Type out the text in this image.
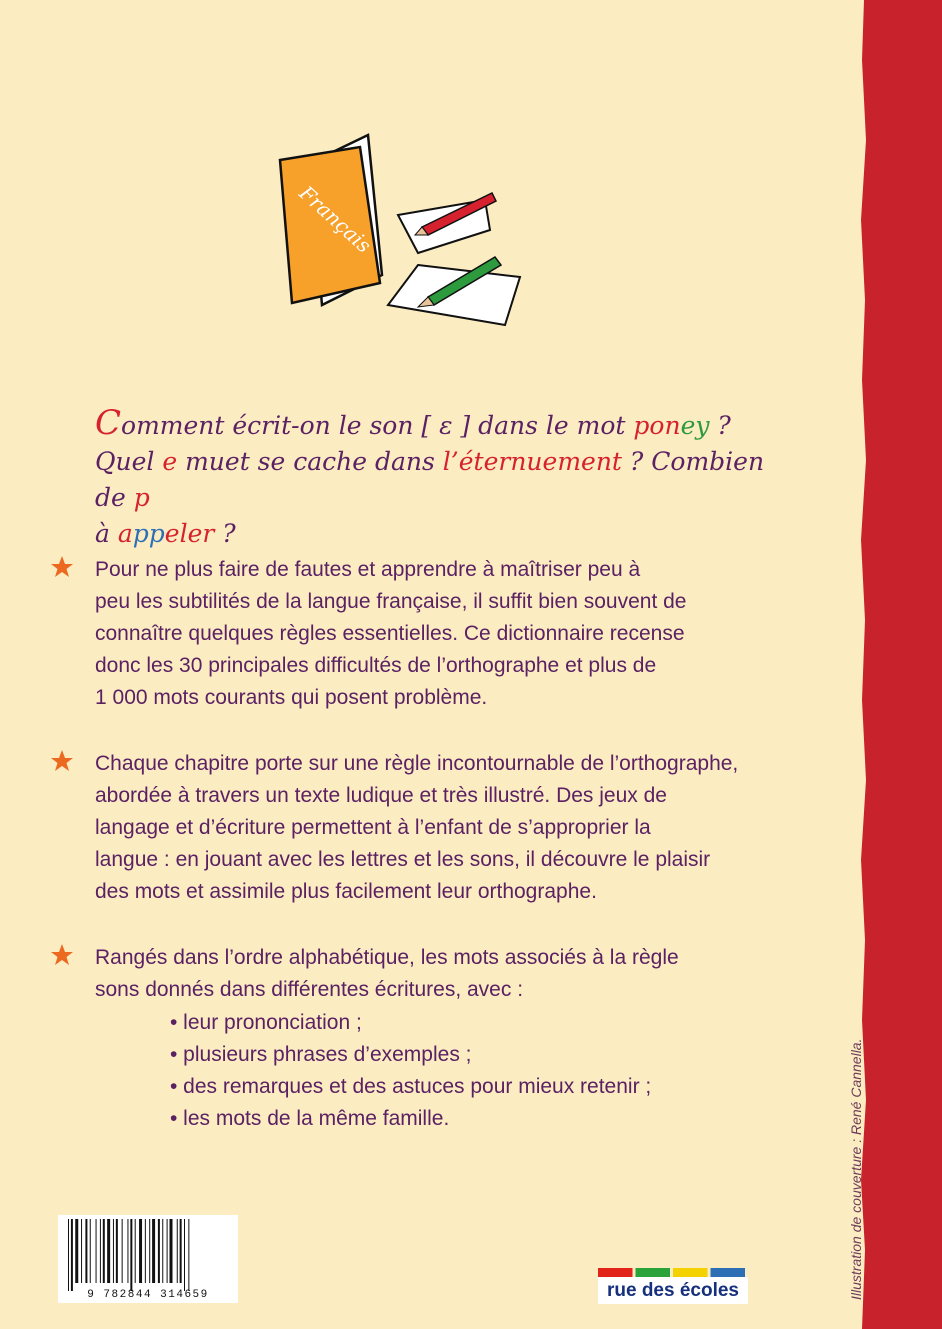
Français
Comment écrit-on le son [ ε ] dans le mot poney ?
Quel e muet se cache dans l’éternuement ? Combien de p
à appeler ?
Pour ne plus faire de fautes et apprendre à maîtriser peu à
peu les subtilités de la langue française, il suffit bien souvent de
connaître quelques règles essentielles. Ce dictionnaire recense
donc les 30 principales difficultés de l’orthographe et plus de
1 000 mots courants qui posent problème.
Chaque chapitre porte sur une règle incontournable de l’orthographe,
abordée à travers un texte ludique et très illustré. Des jeux de
langage et d’écriture permettent à l’enfant de s’approprier la
langue : en jouant avec les lettres et les sons, il découvre le plaisir
des mots et assimile plus facilement leur orthographe.
Rangés dans l’ordre alphabétique, les mots associés à la règle
sons donnés dans différentes écritures, avec :
• leur prononciation ;
• plusieurs phrases d’exemples ;
• des remarques et des astuces pour mieux retenir ;
• les mots de la même famille.
9 782844 314659	rue des écoles	Illustration de couverture : René Cannella.
